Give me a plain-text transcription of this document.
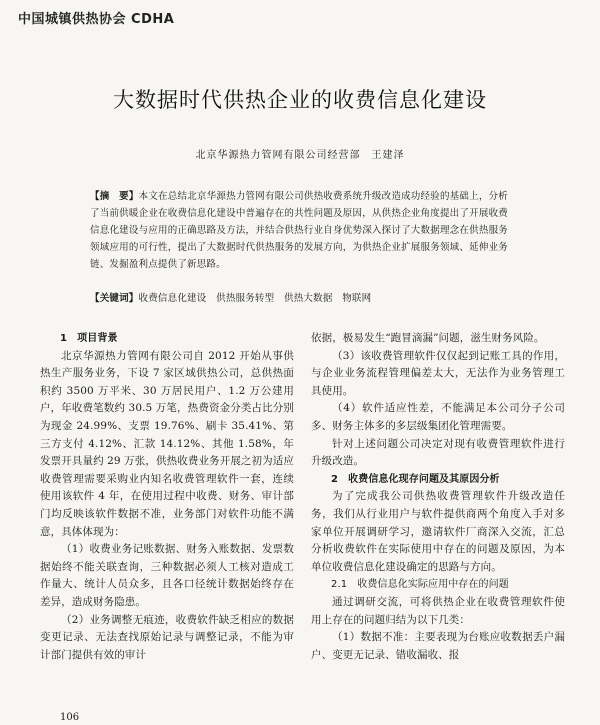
中国城镇供热协会 CDHA
大数据时代供热企业的收费信息化建设
北京华源热力管网有限公司经营部　王建泽
【摘　要】本文在总结北京华源热力管网有限公司供热收费系统升级改造成功经验的基础上，分析了当前供暖企业在收费信息化建设中普遍存在的共性问题及原因，从供热企业角度提出了开展收费信息化建设与应用的正确思路及方法，并结合供热行业自身优势深入探讨了大数据理念在供热服务领域应用的可行性，提出了大数据时代供热服务的发展方向，为供热企业扩展服务领域、延伸业务链、发掘盈利点提供了新思路。
【关键词】收费信息化建设　供热服务转型　供热大数据　物联网

1　项目背景

北京华源热力管网有限公司自 2012 开始从事供热生产服务业务，下设 7 家区域供热公司，总供热面积约 3500 万平米、30 万居民用户、1.2 万公建用户，年收费笔数约 30.5 万笔，热费资金分类占比分别为现金 24.99%、支票 19.76%、刷卡 35.41%、第三方支付 4.12%、汇款 14.12%、其他 1.58%，年发票开具量约 29 万张，供热收费业务开展之初为适应收费管理需要采购业内知名收费管理软件一套，连续使用该软件 4 年，在使用过程中收费、财务、审计部门均反映该软件数据不准，业务部门对软件功能不满意，具体体现为：

（1）收费业务记账数据、财务入账数据、发票数据始终不能关联查询，三种数据必须人工核对造成工作量大、统计人员众多，且各口径统计数据始终存在差异，造成财务隐患。

（2）业务调整无痕迹，收费软件缺乏相应的数据变更记录、无法查找原始记录与调整记录，不能为审计部门提供有效的审计

依据，极易发生“跑冒滴漏”问题，滋生财务风险。

（3）该收费管理软件仅仅起到记账工具的作用，与企业业务流程管理偏差太大，无法作为业务管理工具使用。

（4）软件适应性差，不能满足本公司分子公司多、财务主体多的多层级集团化管理需要。

针对上述问题公司决定对现有收费管理软件进行升级改造。

2　收费信息化现存问题及其原因分析

为了完成我公司供热收费管理软件升级改造任务，我们从行业用户与软件提供商两个角度入手对多家单位开展调研学习，邀请软件厂商深入交流，汇总分析收费软件在实际使用中存在的问题及原因，为本单位收费信息化建设确定的思路与方向。

2.1　收费信息化实际应用中存在的问题

通过调研交流，可将供热企业在收费管理软件使用上存在的问题归结为以下几类：

（1）数据不准：主要表现为台账应收数据丢户漏户、变更无记录、错收漏收、报

106
